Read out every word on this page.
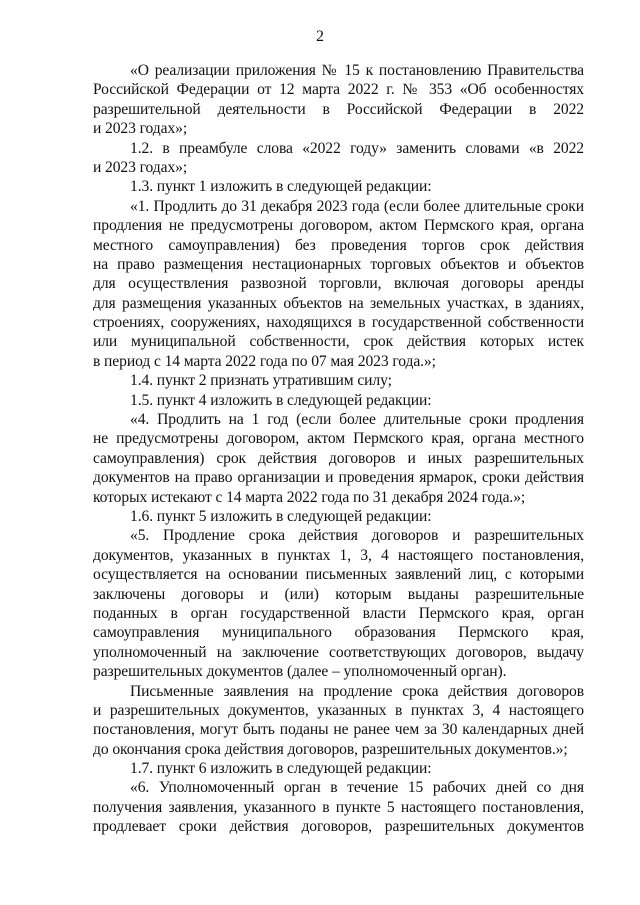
2
«О реализации приложения № 15 к постановлению Правительства
Российской Федерации от 12 марта 2022 г. № 353 «Об особенностях
разрешительной деятельности в Российской Федерации в 2022
и 2023 годах»;
1.2. в преамбуле слова «2022 году» заменить словами «в 2022
и 2023 годах»;
1.3. пункт 1 изложить в следующей редакции:
«1. Продлить до 31 декабря 2023 года (если более длительные сроки
продления не предусмотрены договором, актом Пермского края, органа
местного самоуправления) без проведения торгов срок действия
на право размещения нестационарных торговых объектов и объектов
для осуществления развозной торговли, включая договоры аренды
для размещения указанных объектов на земельных участках, в зданиях,
строениях, сооружениях, находящихся в государственной собственности
или муниципальной собственности, срок действия которых истек
в период с 14 марта 2022 года по 07 мая 2023 года.»;
1.4. пункт 2 признать утратившим силу;
1.5. пункт 4 изложить в следующей редакции:
«4. Продлить на 1 год (если более длительные сроки продления
не предусмотрены договором, актом Пермского края, органа местного
самоуправления) срок действия договоров и иных разрешительных
документов на право организации и проведения ярмарок, сроки действия
которых истекают с 14 марта 2022 года по 31 декабря 2024 года.»;
1.6. пункт 5 изложить в следующей редакции:
«5. Продление срока действия договоров и разрешительных
документов, указанных в пунктах 1, 3, 4 настоящего постановления,
осуществляется на основании письменных заявлений лиц, с которыми
заключены договоры и (или) которым выданы разрешительные
поданных в орган государственной власти Пермского края, орган
самоуправления муниципального образования Пермского края,
уполномоченный на заключение соответствующих договоров, выдачу
разрешительных документов (далее – уполномоченный орган).
Письменные заявления на продление срока действия договоров
и разрешительных документов, указанных в пунктах 3, 4 настоящего
постановления, могут быть поданы не ранее чем за 30 календарных дней
до окончания срока действия договоров, разрешительных документов.»;
1.7. пункт 6 изложить в следующей редакции:
«6. Уполномоченный орган в течение 15 рабочих дней со дня
получения заявления, указанного в пункте 5 настоящего постановления,
продлевает сроки действия договоров, разрешительных документов
